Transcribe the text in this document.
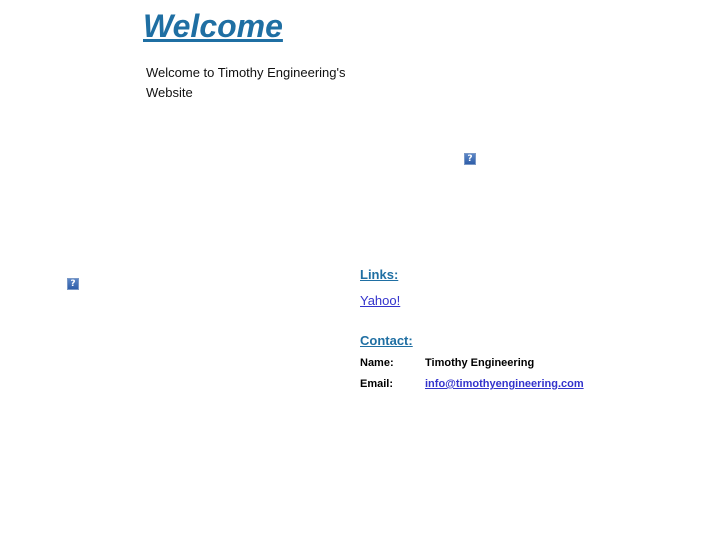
Welcome
Welcome to Timothy Engineering's Website
?
?
Links:
Yahoo!
Contact:
Name:	Timothy Engineering
Email:	info@timothyengineering.com
